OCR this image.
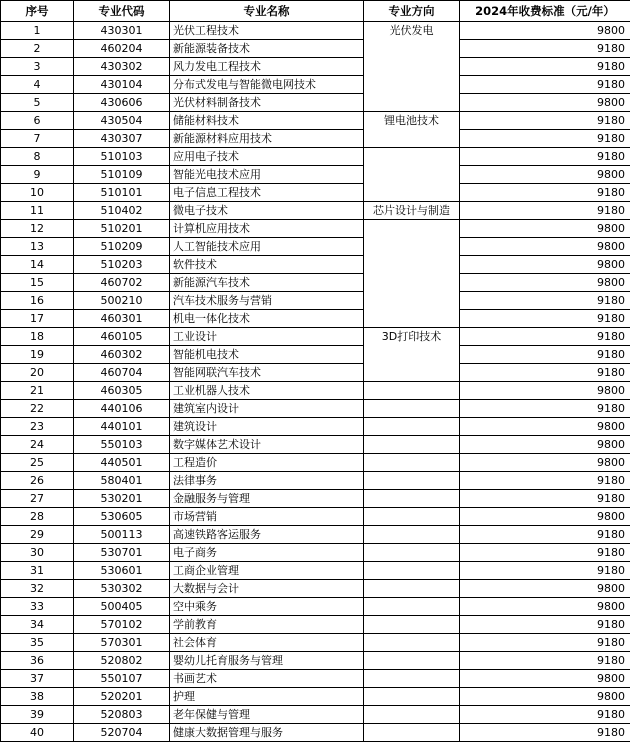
序号	专业代码	专业名称	专业方向	2024年收费标准（元/年）
1	430301	光伏工程技术	光伏发电	9800
2	460204	新能源装备技术		9180
3	430302	风力发电工程技术		9180
4	430104	分布式发电与智能微电网技术		9180
5	430606	光伏材料制备技术		9800
6	430504	储能材料技术	锂电池技术	9180
7	430307	新能源材料应用技术		9180
8	510103	应用电子技术		9180
9	510109	智能光电技术应用		9800
10	510101	电子信息工程技术		9180
11	510402	微电子技术	芯片设计与制造	9180
12	510201	计算机应用技术		9800
13	510209	人工智能技术应用		9800
14	510203	软件技术		9800
15	460702	新能源汽车技术		9800
16	500210	汽车技术服务与营销		9180
17	460301	机电一体化技术		9180
18	460105	工业设计	3D打印技术	9180
19	460302	智能机电技术		9180
20	460704	智能网联汽车技术		9180
21	460305	工业机器人技术		9800
22	440106	建筑室内设计		9180
23	440101	建筑设计		9800
24	550103	数字媒体艺术设计		9800
25	440501	工程造价		9800
26	580401	法律事务		9180
27	530201	金融服务与管理		9180
28	530605	市场营销		9800
29	500113	高速铁路客运服务		9180
30	530701	电子商务		9180
31	530601	工商企业管理		9180
32	530302	大数据与会计		9800
33	500405	空中乘务		9800
34	570102	学前教育		9180
35	570301	社会体育		9180
36	520802	婴幼儿托育服务与管理		9180
37	550107	书画艺术		9800
38	520201	护理		9800
39	520803	老年保健与管理		9180
40	520704	健康大数据管理与服务		9180
